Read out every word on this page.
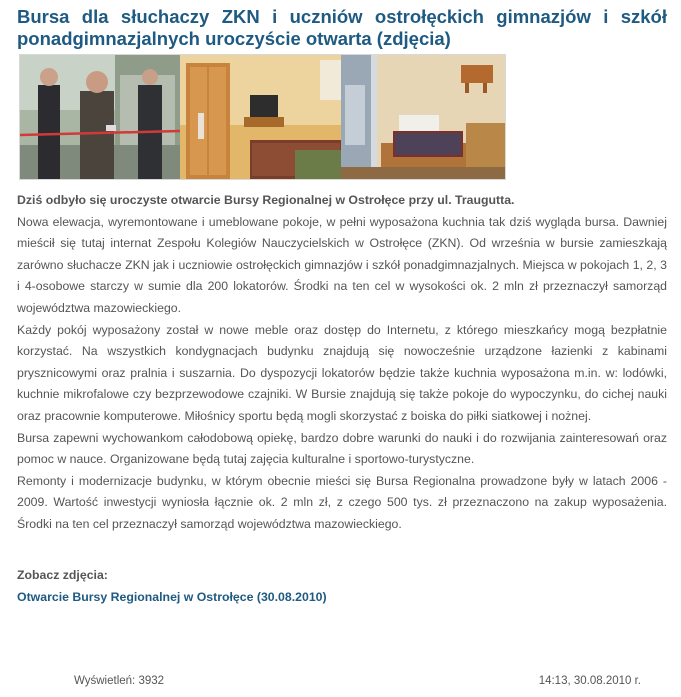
Bursa dla słuchaczy ZKN i uczniów ostrołęckich gimnazjów i szkół ponadgimnazjalnych uroczyście otwarta (zdjęcia)

Dziś odbyło się uroczyste otwarcie Bursy Regionalnej w Ostrołęce przy ul. Traugutta.

Nowa elewacja, wyremontowane i umeblowane pokoje, w pełni wyposażona kuchnia tak dziś wygląda bursa. Dawniej mieścił się tutaj internat Zespołu Kolegiów Nauczycielskich w Ostrołęce (ZKN). Od września w bursie zamieszkają zarówno słuchacze ZKN jak i uczniowie ostrołęckich gimnazjów i szkół ponadgimnazjalnych. Miejsca w pokojach 1, 2, 3 i 4-osobowe starczy w sumie dla 200 lokatorów. Środki na ten cel w wysokości ok. 2 mln zł przeznaczył samorząd województwa mazowieckiego.

Każdy pokój wyposażony został w nowe meble oraz dostęp do Internetu, z którego mieszkańcy mogą bezpłatnie korzystać. Na wszystkich kondygnacjach budynku znajdują się nowocześnie urządzone łazienki z kabinami prysznicowymi oraz pralnia i suszarnia. Do dyspozycji lokatorów będzie także kuchnia wyposażona m.in. w: lodówki, kuchnie mikrofalowe czy bezprzewodowe czajniki. W Bursie znajdują się także pokoje do wypoczynku, do cichej nauki oraz pracownie komputerowe. Miłośnicy sportu będą mogli skorzystać z boiska do piłki siatkowej i nożnej.

Bursa zapewni wychowankom całodobową opiekę, bardzo dobre warunki do nauki i do rozwijania zainteresowań oraz pomoc w nauce. Organizowane będą tutaj zajęcia kulturalne i sportowo-turystyczne.

Remonty i modernizacje budynku, w którym obecnie mieści się Bursa Regionalna prowadzone były w latach 2006 - 2009. Wartość inwestycji wyniosła łącznie ok. 2 mln zł, z czego 500 tys. zł przeznaczono na zakup wyposażenia. Środki na ten cel przeznaczył samorząd województwa mazowieckiego.

Zobacz zdjęcia:
Otwarcie Bursy Regionalnej w Ostrołęce (30.08.2010)
Wyświetleń: 3932	14:13, 30.08.2010 r.
